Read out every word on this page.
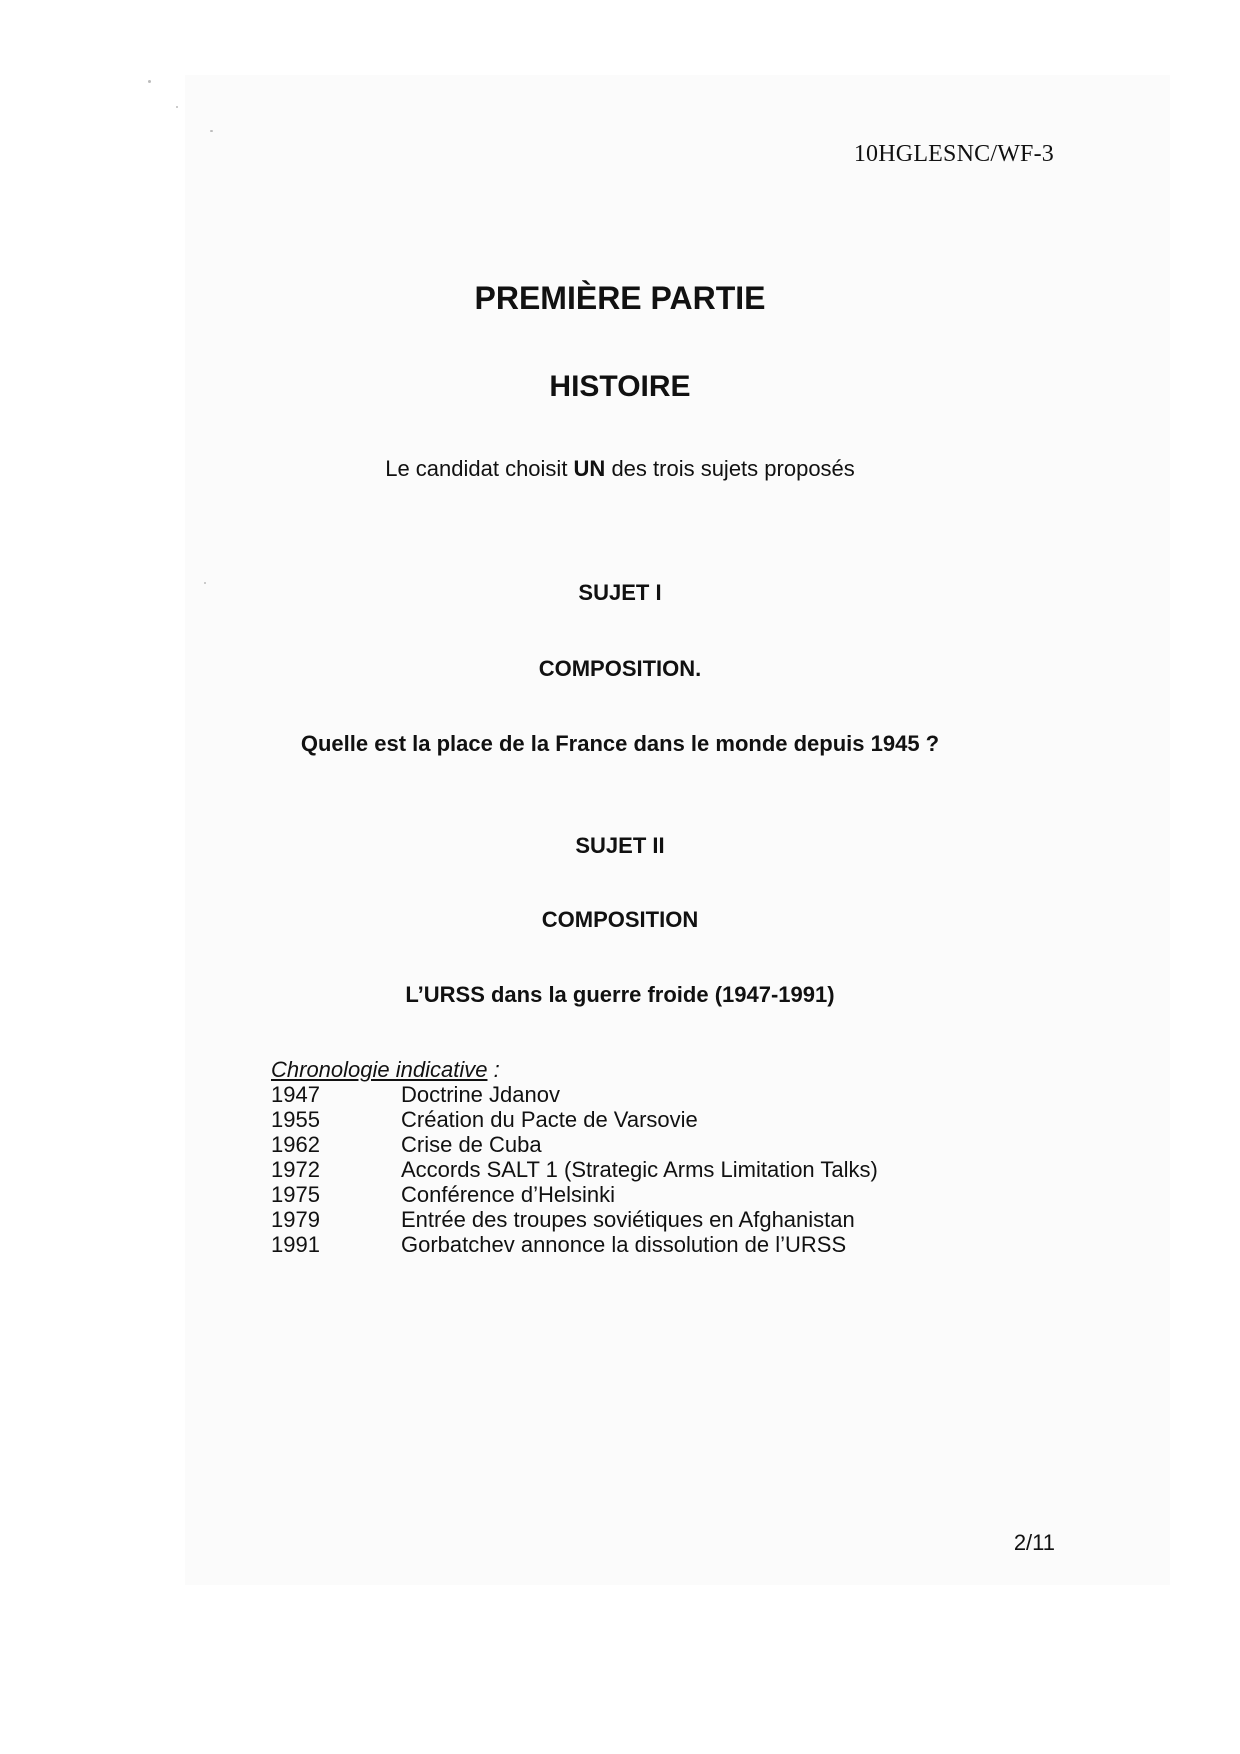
10HGLESNC/WF-3
PREMIÈRE PARTIE
HISTOIRE
Le candidat choisit UN des trois sujets proposés
SUJET I
COMPOSITION.
Quelle est la place de la France dans le monde depuis 1945 ?
SUJET II
COMPOSITION
L’URSS dans la guerre froide (1947-1991)
Chronologie indicative :
1947	Doctrine Jdanov
1955	Création du Pacte de Varsovie
1962	Crise de Cuba
1972	Accords SALT 1 (Strategic Arms Limitation Talks)
1975	Conférence d’Helsinki
1979	Entrée des troupes soviétiques en Afghanistan
1991	Gorbatchev annonce la dissolution de l’URSS
2/11
